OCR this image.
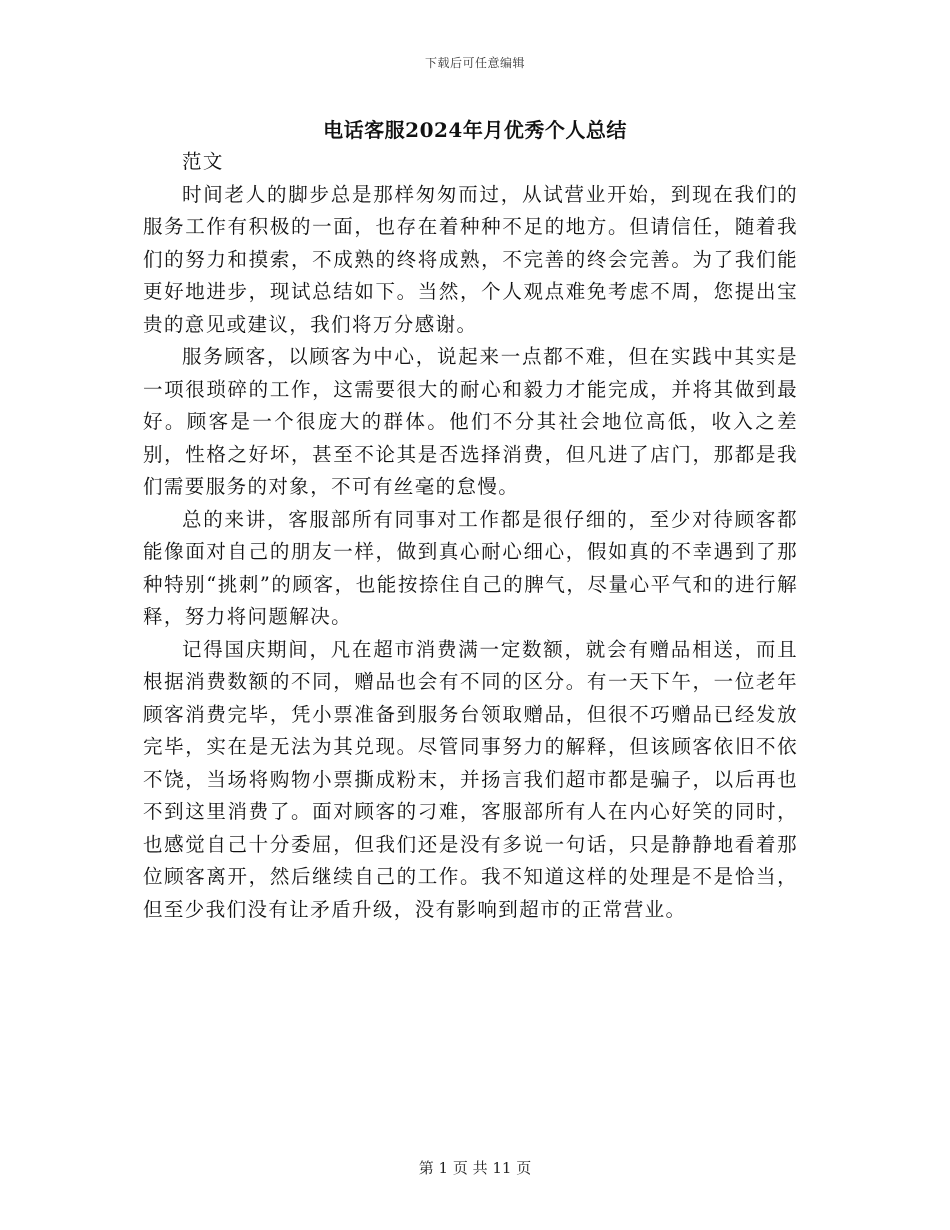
下载后可任意编辑
电话客服2024年月优秀个人总结

范文

时间老人的脚步总是那样匆匆而过，从试营业开始，到现在我们的服务工作有积极的一面，也存在着种种不足的地方。但请信任，随着我们的努力和摸索，不成熟的终将成熟，不完善的终会完善。为了我们能更好地进步，现试总结如下。当然，个人观点难免考虑不周，您提出宝贵的意见或建议，我们将万分感谢。

服务顾客，以顾客为中心，说起来一点都不难，但在实践中其实是一项很琐碎的工作，这需要很大的耐心和毅力才能完成，并将其做到最好。顾客是一个很庞大的群体。他们不分其社会地位高低，收入之差别，性格之好坏，甚至不论其是否选择消费，但凡进了店门，那都是我们需要服务的对象，不可有丝毫的怠慢。

总的来讲，客服部所有同事对工作都是很仔细的，至少对待顾客都能像面对自己的朋友一样，做到真心耐心细心，假如真的不幸遇到了那种特别“挑刺”的顾客，也能按捺住自己的脾气，尽量心平气和的进行解释，努力将问题解决。

记得国庆期间，凡在超市消费满一定数额，就会有赠品相送，而且根据消费数额的不同，赠品也会有不同的区分。有一天下午，一位老年顾客消费完毕，凭小票准备到服务台领取赠品，但很不巧赠品已经发放完毕，实在是无法为其兑现。尽管同事努力的解释，但该顾客依旧不依不饶，当场将购物小票撕成粉末，并扬言我们超市都是骗子，以后再也不到这里消费了。面对顾客的刁难，客服部所有人在内心好笑的同时，也感觉自己十分委屈，但我们还是没有多说一句话，只是静静地看着那位顾客离开，然后继续自己的工作。我不知道这样的处理是不是恰当，但至少我们没有让矛盾升级，没有影响到超市的正常营业。

第 1 页 共 11 页
